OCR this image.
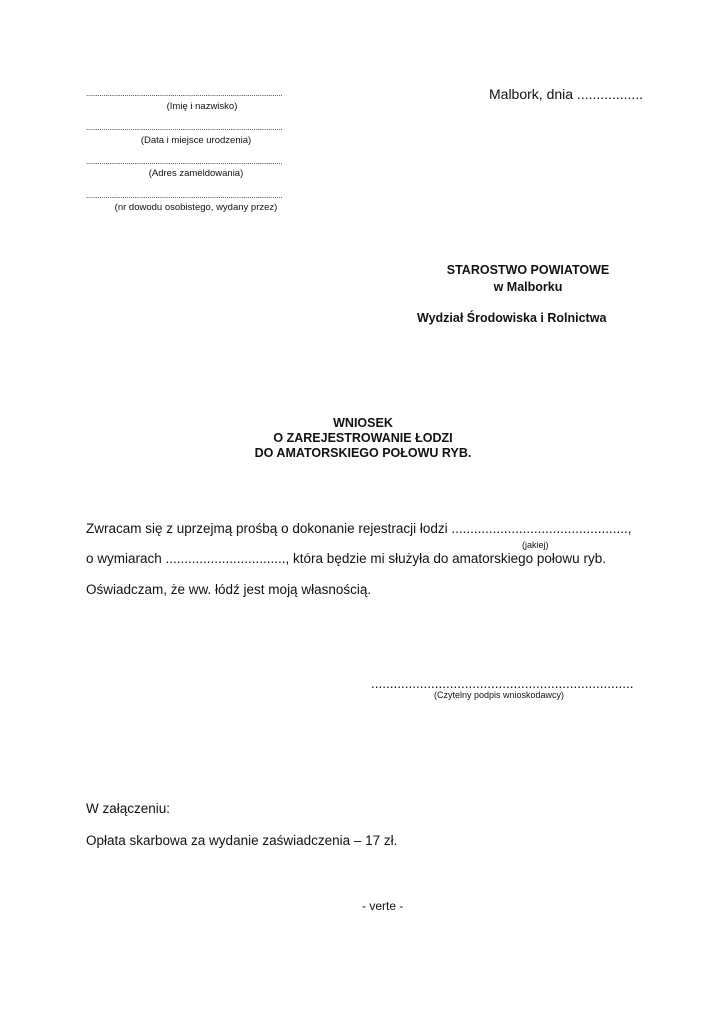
Malbork, dnia .................
......................................................................................................
(Imię i nazwisko)
......................................................................................................
(Data i miejsce urodzenia)
......................................................................................................
(Adres zameldowania)
......................................................................................................
(nr dowodu osobistego, wydany przez)
STAROSTWO POWIATOWE
w Malborku
Wydział Środowiska i Rolnictwa
WNIOSEK
O ZAREJESTROWANIE ŁODZI
DO AMATORSKIEGO POŁOWU RYB.
Zwracam się z uprzejmą prośbą o dokonanie rejestracji łodzi ...............................................,
(jakiej)
o wymiarach ................................, która będzie mi służyła do amatorskiego połowu ryb.
Oświadczam, że ww. łódź jest moją własnością.
......................................................................
(Czytelny podpis wnioskodawcy)
W załączeniu:
Opłata skarbowa za wydanie zaświadczenia – 17 zł.
- verte -
